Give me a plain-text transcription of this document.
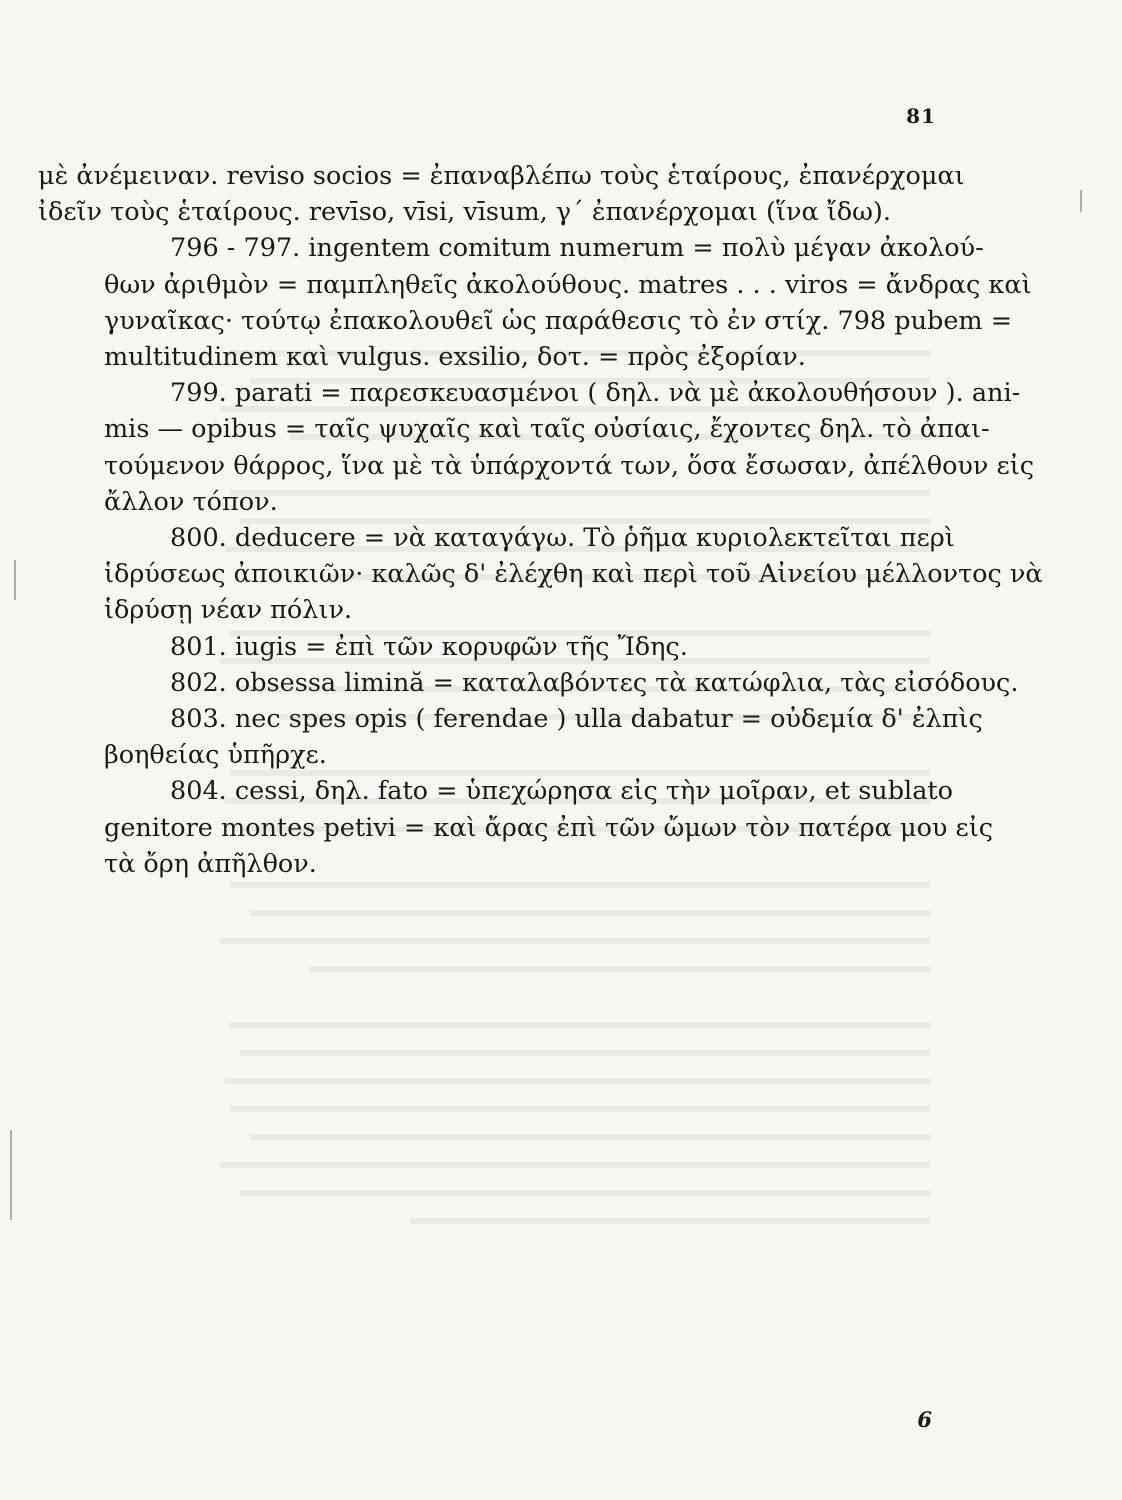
81
μὲ ἀνέμειναν. reviso socios = ἐπαναβλέπω τοὺς ἑταίρους, ἐπανέρχομαι
ἰδεῖν τοὺς ἑταίρους. revīso, vīsi, vīsum, γ΄ ἐπανέρχομαι (ἵνα ἴδω).
796 - 797. ingentem comitum numerum = πολὺ μέγαν ἀκολού-
θων ἀριθμὸν = παμπληθεῖς ἀκολούθους. matres . . . viros = ἄνδρας καὶ
γυναῖκας· τούτῳ ἐπακολουθεῖ ὡς παράθεσις τὸ ἐν στίχ. 798 pubem =
multitudinem καὶ vulgus. exsilio, δοτ. = πρὸς ἐξορίαν.
799. parati = παρεσκευασμένοι ( δηλ. νὰ μὲ ἀκολουθήσουν ). ani-
mis — opibus = ταῖς ψυχαῖς καὶ ταῖς οὐσίαις, ἔχοντες δηλ. τὸ ἀπαι-
τούμενον θάρρος, ἵνα μὲ τὰ ὑπάρχοντά των, ὅσα ἔσωσαν, ἀπέλθουν εἰς
ἄλλον τόπον.
800. deducere = νὰ καταγάγω. Τὸ ῥῆμα κυριολεκτεῖται περὶ
ἱδρύσεως ἀποικιῶν· καλῶς δ' ἐλέχθη καὶ περὶ τοῦ Αἰνείου μέλλοντος νὰ
ἱδρύσῃ νέαν πόλιν.
801. iugis = ἐπὶ τῶν κορυφῶν τῆς Ἴδης.
802. obsessa limină = καταλαβόντες τὰ κατώφλια, τὰς εἰσόδους.
803. nec spes opis ( ferendae ) ulla dabatur = οὐδεμία δ' ἐλπὶς
βοηθείας ὑπῆρχε.
804. cessi, δηλ. fato = ὑπεχώρησα εἰς τὴν μοῖραν, et sublato
genitore montes petivi = καὶ ἄρας ἐπὶ τῶν ὤμων τὸν πατέρα μου εἰς
τὰ ὄρη ἀπῆλθον.
6
